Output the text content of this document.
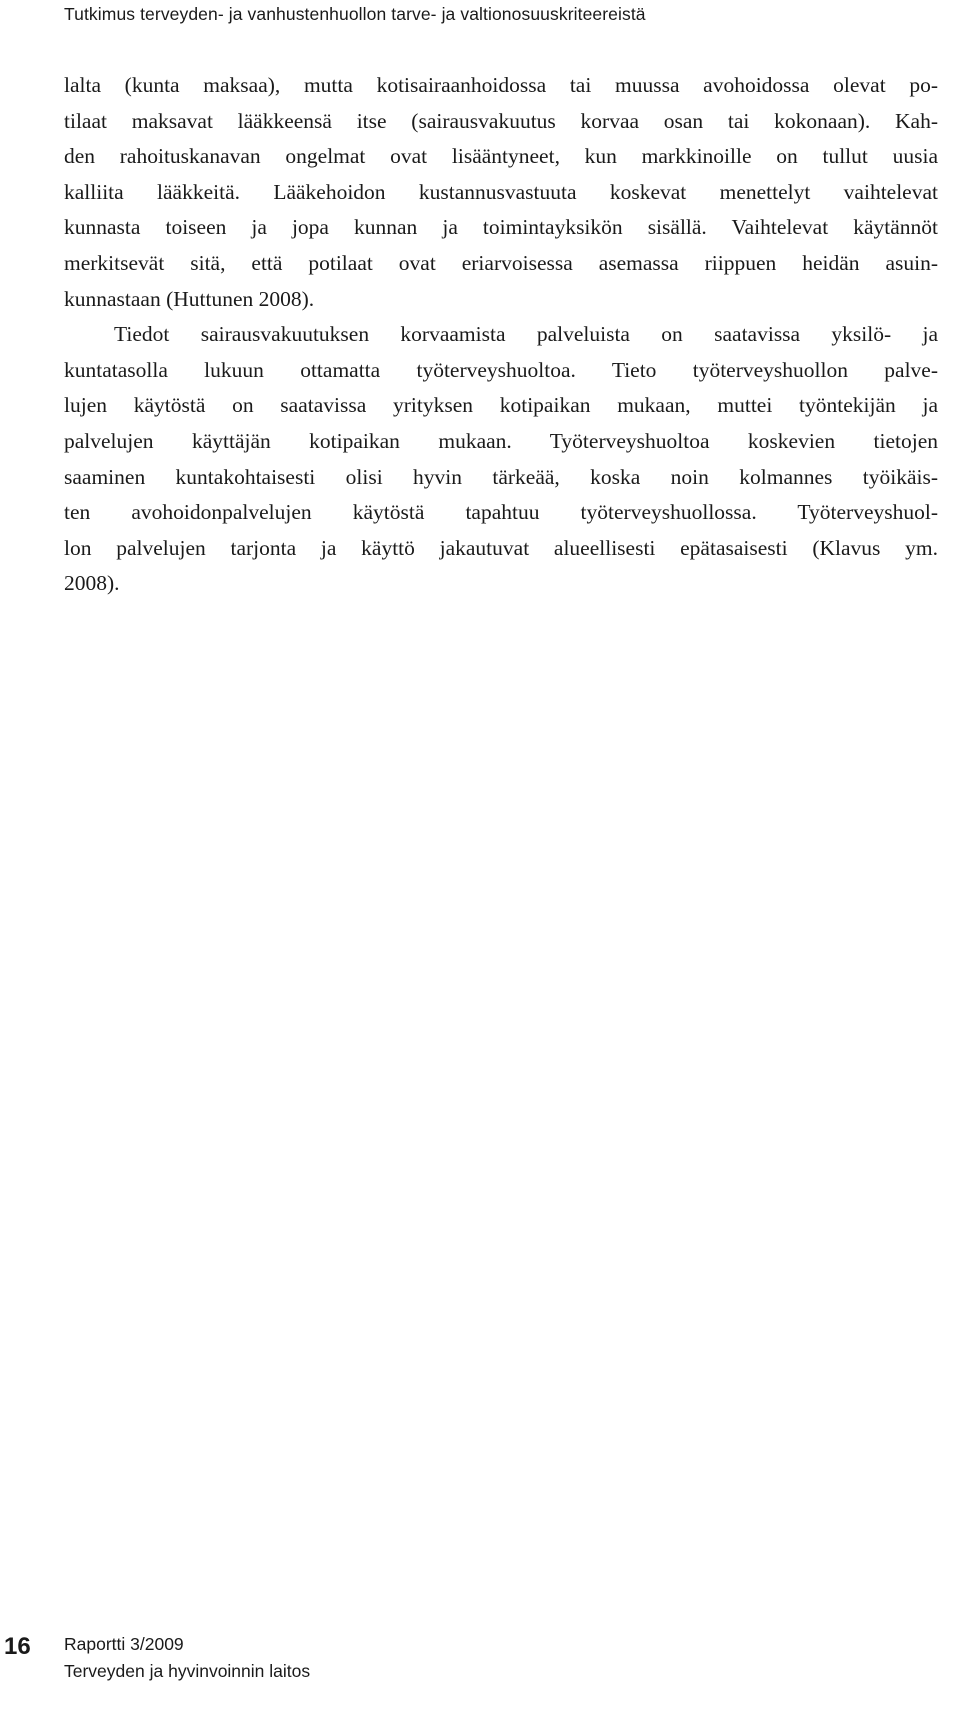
Tutkimus terveyden- ja vanhustenhuollon tarve- ja valtionosuuskriteereistä

lalta (kunta maksaa), mutta kotisairaanhoidossa tai muussa avohoidossa olevat po-
tilaat maksavat lääkkeensä itse (sairausvakuutus korvaa osan tai kokonaan). Kah-
den rahoituskanavan ongelmat ovat lisääntyneet, kun markkinoille on tullut uusia
kalliita lääkkeitä. Lääkehoidon kustannusvastuuta koskevat menettelyt vaihtelevat
kunnasta toiseen ja jopa kunnan ja toimintayksikön sisällä. Vaihtelevat käytännöt
merkitsevät sitä, että potilaat ovat eriarvoisessa asemassa riippuen heidän asuin-
kunnastaan (Huttunen 2008).

Tiedot sairausvakuutuksen korvaamista palveluista on saatavissa yksilö- ja
kuntatasolla lukuun ottamatta työterveyshuoltoa. Tieto työterveyshuollon palve-
lujen käytöstä on saatavissa yrityksen kotipaikan mukaan, muttei työntekijän ja
palvelujen käyttäjän kotipaikan mukaan. Työterveyshuoltoa koskevien tietojen
saaminen kuntakohtaisesti olisi hyvin tärkeää, koska noin kolmannes työikäis-
ten avohoidonpalvelujen käytöstä tapahtuu työterveyshuollossa. Työterveyshuol-
lon palvelujen tarjonta ja käyttö jakautuvat alueellisesti epätasaisesti (Klavus ym.
2008).

16 Raportti 3/2009
Terveyden ja hyvinvoinnin laitos
